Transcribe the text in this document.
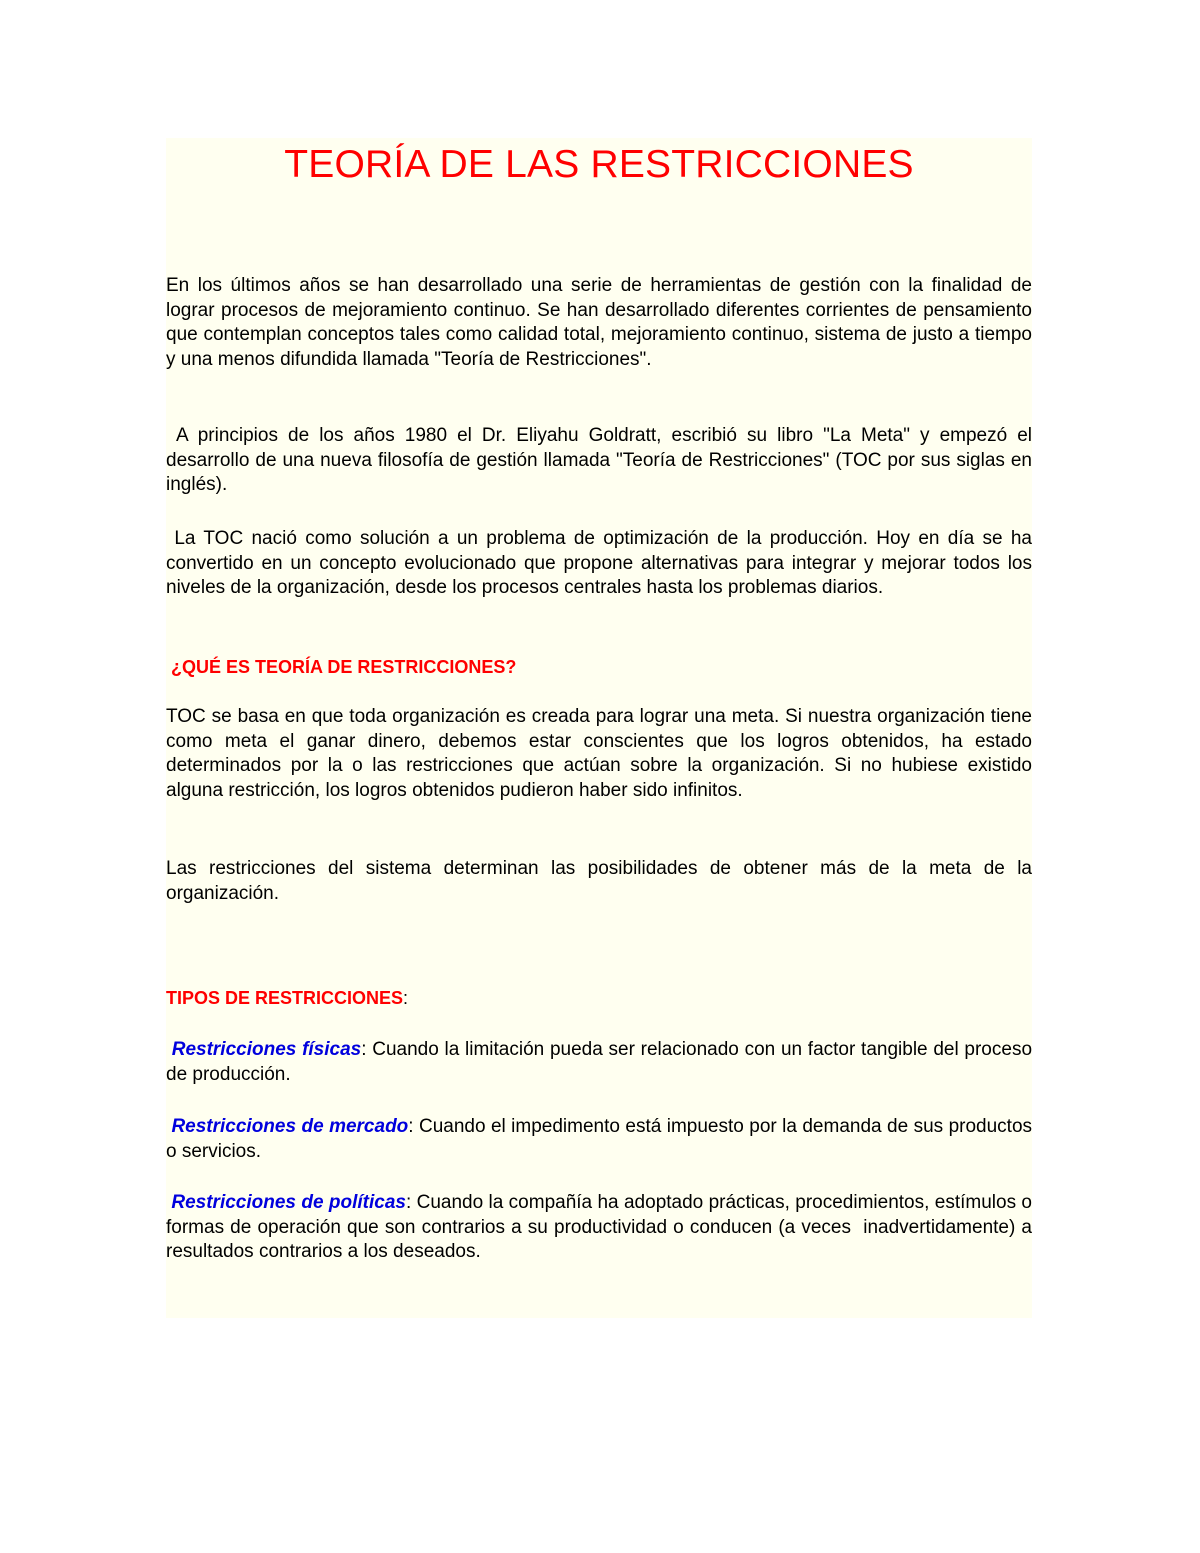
TEORÍA DE LAS RESTRICCIONES

En los últimos años se han desarrollado una serie de herramientas de gestión con la finalidad de lograr procesos de mejoramiento continuo. Se han desarrollado diferentes corrientes de pensamiento que contemplan conceptos tales como calidad total, mejoramiento continuo, sistema de justo a tiempo y una menos difundida llamada "Teoría de Restricciones".

A principios de los años 1980 el Dr. Eliyahu Goldratt, escribió su libro "La Meta" y empezó el desarrollo de una nueva filosofía de gestión llamada "Teoría de Restricciones" (TOC por sus siglas en inglés).

La TOC nació como solución a un problema de optimización de la producción. Hoy en día se ha convertido en un concepto evolucionado que propone alternativas para integrar y mejorar todos los niveles de la organización, desde los procesos centrales hasta los problemas diarios.

¿QUÉ ES TEORÍA DE RESTRICCIONES?

TOC se basa en que toda organización es creada para lograr una meta. Si nuestra organización tiene como meta el ganar dinero, debemos estar conscientes que los logros obtenidos, ha estado determinados por la o las restricciones que actúan sobre la organización. Si no hubiese existido alguna restricción, los logros obtenidos pudieron haber sido infinitos.

Las restricciones del sistema determinan las posibilidades de obtener más de la meta de la organización.

TIPOS DE RESTRICCIONES:

Restricciones físicas: Cuando la limitación pueda ser relacionado con un factor tangible del proceso de producción.

Restricciones de mercado: Cuando el impedimento está impuesto por la demanda de sus productos o servicios.

Restricciones de políticas: Cuando la compañía ha adoptado prácticas, procedimientos, estímulos o formas de operación que son contrarios a su productividad o conducen (a veces  inadvertidamente) a resultados contrarios a los deseados.
